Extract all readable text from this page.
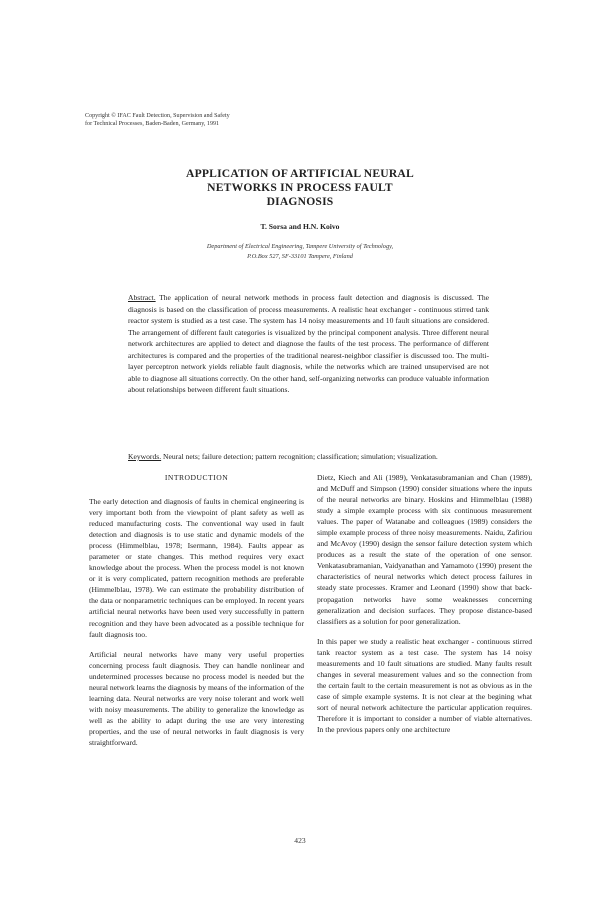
Copyright © IFAC Fault Detection, Supervision and Safety
for Technical Processes, Baden-Baden, Germany, 1991
APPLICATION OF ARTIFICIAL NEURAL
NETWORKS IN PROCESS FAULT
DIAGNOSIS
T. Sorsa and H.N. Koivo
Department of Electrical Engineering, Tampere University of Technology,
P.O.Box 527, SF-33101 Tampere, Finland
Abstract. The application of neural network methods in process fault detection and diagnosis is discussed. The diagnosis is based on the classification of process measurements. A realistic heat exchanger - continuous stirred tank reactor system is studied as a test case. The system has 14 noisy measurements and 10 fault situations are considered. The arrangement of different fault categories is visualized by the principal component analysis. Three different neural network architectures are applied to detect and diagnose the faults of the test process. The performance of different architectures is compared and the properties of the traditional nearest-neighbor classifier is discussed too. The multi-layer perceptron network yields reliable fault diagnosis, while the networks which are trained unsupervised are not able to diagnose all situations correctly. On the other hand, self-organizing networks can produce valuable information about relationships between different fault situations.
Keywords. Neural nets; failure detection; pattern recognition; classification; simulation; visualization.
INTRODUCTION

The early detection and diagnosis of faults in chemical engineering is very important both from the viewpoint of plant safety as well as reduced manufacturing costs. The conventional way used in fault detection and diagnosis is to use static and dynamic models of the process (Himmelblau, 1978; Isermann, 1984). Faults appear as parameter or state changes. This method requires very exact knowledge about the process. When the process model is not known or it is very complicated, pattern recognition methods are preferable (Himmelblau, 1978). We can estimate the probability distribution of the data or nonparametric techniques can be employed. In recent years artificial neural networks have been used very successfully in pattern recognition and they have been advocated as a possible technique for fault diagnosis too.

Artificial neural networks have many very useful properties concerning process fault diagnosis. They can handle nonlinear and undetermined processes because no process model is needed but the neural network learns the diagnosis by means of the information of the learning data. Neural networks are very noise tolerant and work well with noisy measurements. The ability to generalize the knowledge as well as the ability to adapt during the use are very interesting properties, and the use of neural networks in fault diagnosis is very straightforward.

Dietz, Kiech and Ali (1989), Venkatasubramanian and Chan (1989), and McDuff and Simpson (1990) consider situations where the inputs of the neural networks are binary. Hoskins and Himmelblau (1988) study a simple example process with six continuous measurement values. The paper of Watanabe and colleagues (1989) considers the simple example process of three noisy measurements. Naidu, Zafiriou and McAvoy (1990) design the sensor failure detection system which produces as a result the state of the operation of one sensor. Venkatasubramanian, Vaidyanathan and Yamamoto (1990) present the characteristics of neural networks which detect process failures in steady state processes. Kramer and Leonard (1990) show that back-propagation networks have some weaknesses concerning generalization and decision surfaces. They propose distance-based classifiers as a solution for poor generalization.

In this paper we study a realistic heat exchanger - continuous stirred tank reactor system as a test case. The system has 14 noisy measurements and 10 fault situations are studied. Many faults result changes in several measurement values and so the connection from the certain fault to the certain measurement is not as obvious as in the case of simple example systems. It is not clear at the begining what sort of neural network achitecture the particular application requires. Therefore it is important to consider a number of viable alternatives. In the previous papers only one architecture

423
